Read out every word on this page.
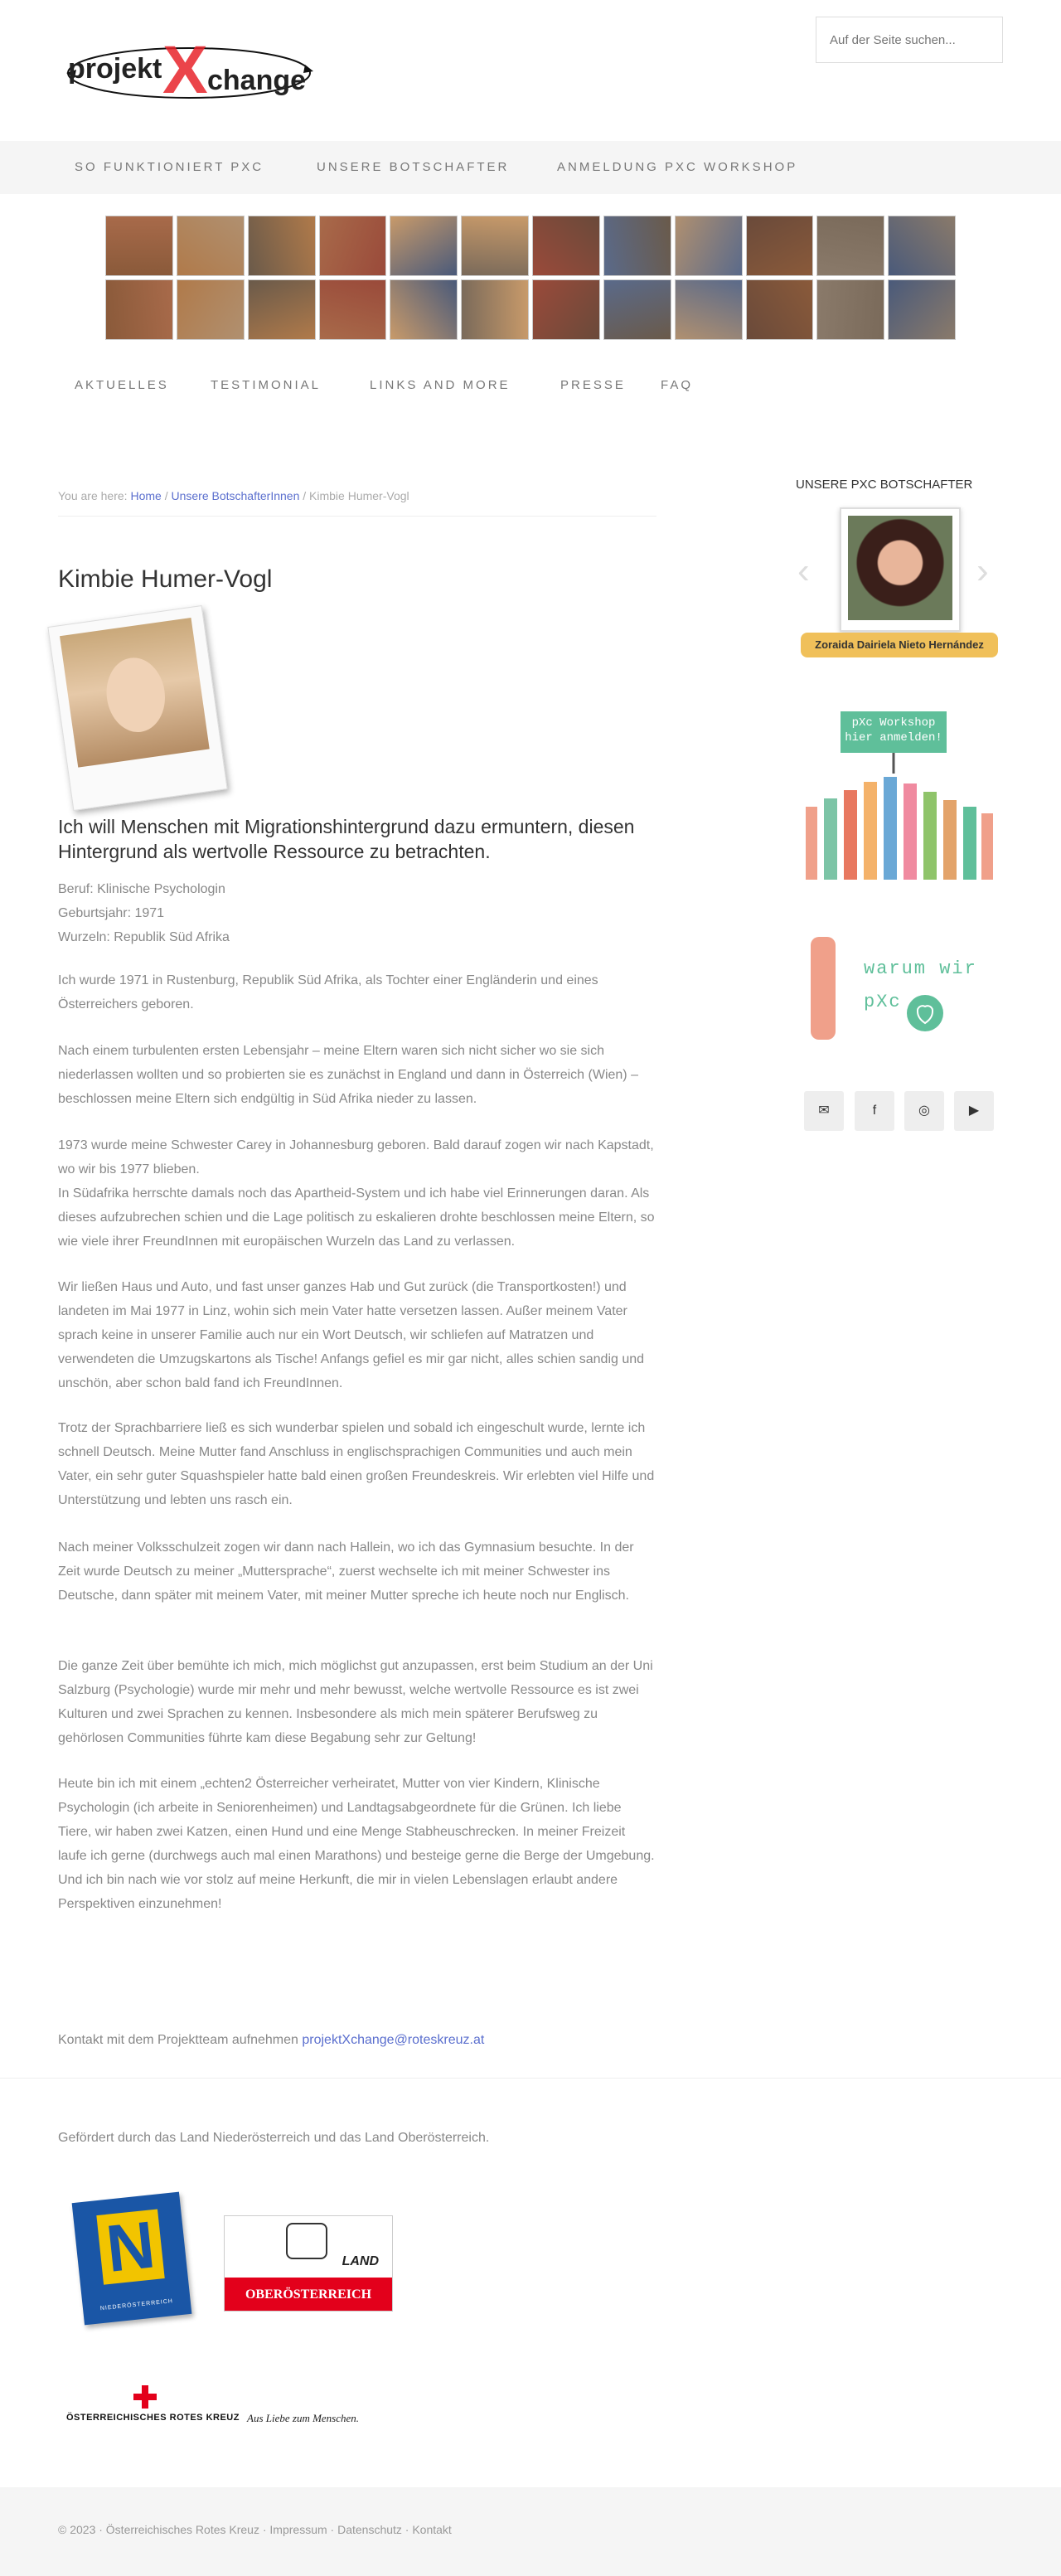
projekt X change
Auf der Seite suchen...
SO FUNKTIONIERT PXC	UNSERE BOTSCHAFTER	ANMELDUNG PXC WORKSHOP
AKTUELLES	TESTIMONIAL	LINKS AND MORE	PRESSE	FAQ
You are here: Home / Unsere BotschafterInnen / Kimbie Humer-Vogl
Kimbie Humer-Vogl
Ich will Menschen mit Migrationshintergrund dazu ermuntern, diesen Hintergrund als wertvolle Ressource zu betrachten.
Beruf: Klinische Psychologin
Geburtsjahr: 1971
Wurzeln: Republik Süd Afrika

Ich wurde 1971 in Rustenburg, Republik Süd Afrika, als Tochter einer Engländerin und eines Österreichers geboren.

Nach einem turbulenten ersten Lebensjahr – meine Eltern waren sich nicht sicher wo sie sich niederlassen wollten und so probierten sie es zunächst in England und dann in Österreich (Wien) – beschlossen meine Eltern sich endgültig in Süd Afrika nieder zu lassen.

1973 wurde meine Schwester Carey in Johannesburg geboren. Bald darauf zogen wir nach Kapstadt, wo wir bis 1977 blieben.
In Südafrika herrschte damals noch das Apartheid-System und ich habe viel Erinnerungen daran. Als dieses aufzubrechen schien und die Lage politisch zu eskalieren drohte beschlossen meine Eltern, so wie viele ihrer FreundInnen mit europäischen Wurzeln das Land zu verlassen.

Wir ließen Haus und Auto, und fast unser ganzes Hab und Gut zurück (die Transportkosten!) und landeten im Mai 1977 in Linz, wohin sich mein Vater hatte versetzen lassen. Außer meinem Vater sprach keine in unserer Familie auch nur ein Wort Deutsch, wir schliefen auf Matratzen und verwendeten die Umzugskartons als Tische! Anfangs gefiel es mir gar nicht, alles schien sandig und unschön, aber schon bald fand ich FreundInnen.

Trotz der Sprachbarriere ließ es sich wunderbar spielen und sobald ich eingeschult wurde, lernte ich schnell Deutsch. Meine Mutter fand Anschluss in englischsprachigen Communities und auch mein Vater, ein sehr guter Squashspieler hatte bald einen großen Freundeskreis. Wir erlebten viel Hilfe und Unterstützung und lebten uns rasch ein.

Nach meiner Volksschulzeit zogen wir dann nach Hallein, wo ich das Gymnasium besuchte. In der Zeit wurde Deutsch zu meiner „Muttersprache“, zuerst wechselte ich mit meiner Schwester ins Deutsche, dann später mit meinem Vater, mit meiner Mutter spreche ich heute noch nur Englisch.

Die ganze Zeit über bemühte ich mich, mich möglichst gut anzupassen, erst beim Studium an der Uni Salzburg (Psychologie) wurde mir mehr und mehr bewusst, welche wertvolle Ressource es ist zwei Kulturen und zwei Sprachen zu kennen. Insbesondere als mich mein späterer Berufsweg zu gehörlosen Communities führte kam diese Begabung sehr zur Geltung!

Heute bin ich mit einem „echten2 Österreicher verheiratet, Mutter von vier Kindern, Klinische Psychologin (ich arbeite in Seniorenheimen) und Landtagsabgeordnete für die Grünen. Ich liebe Tiere, wir haben zwei Katzen, einen Hund und eine Menge Stabheuschrecken. In meiner Freizeit laufe ich gerne (durchwegs auch mal einen Marathons) und besteige gerne die Berge der Umgebung. Und ich bin nach wie vor stolz auf meine Herkunft, die mir in vielen Lebenslagen erlaubt andere Perspektiven einzunehmen!

Kontakt mit dem Projektteam aufnehmen projektXchange@roteskreuz.at
Gefördert durch das Land Niederösterreich und das Land Oberösterreich.
N
NIEDERÖSTERREICH
LAND
OBERÖSTERREICH
ÖSTERREICHISCHES ROTES KREUZ Aus Liebe zum Menschen.
© 2023 · Österreichisches Rotes Kreuz · Impressum · Datenschutz · Kontakt
UNSERE PXC BOTSCHAFTER
‹	›
Zoraida Dairiela Nieto Hernández
pXc Workshop hier anmelden!
warum wir
pXc
✉	f	◎	▶
